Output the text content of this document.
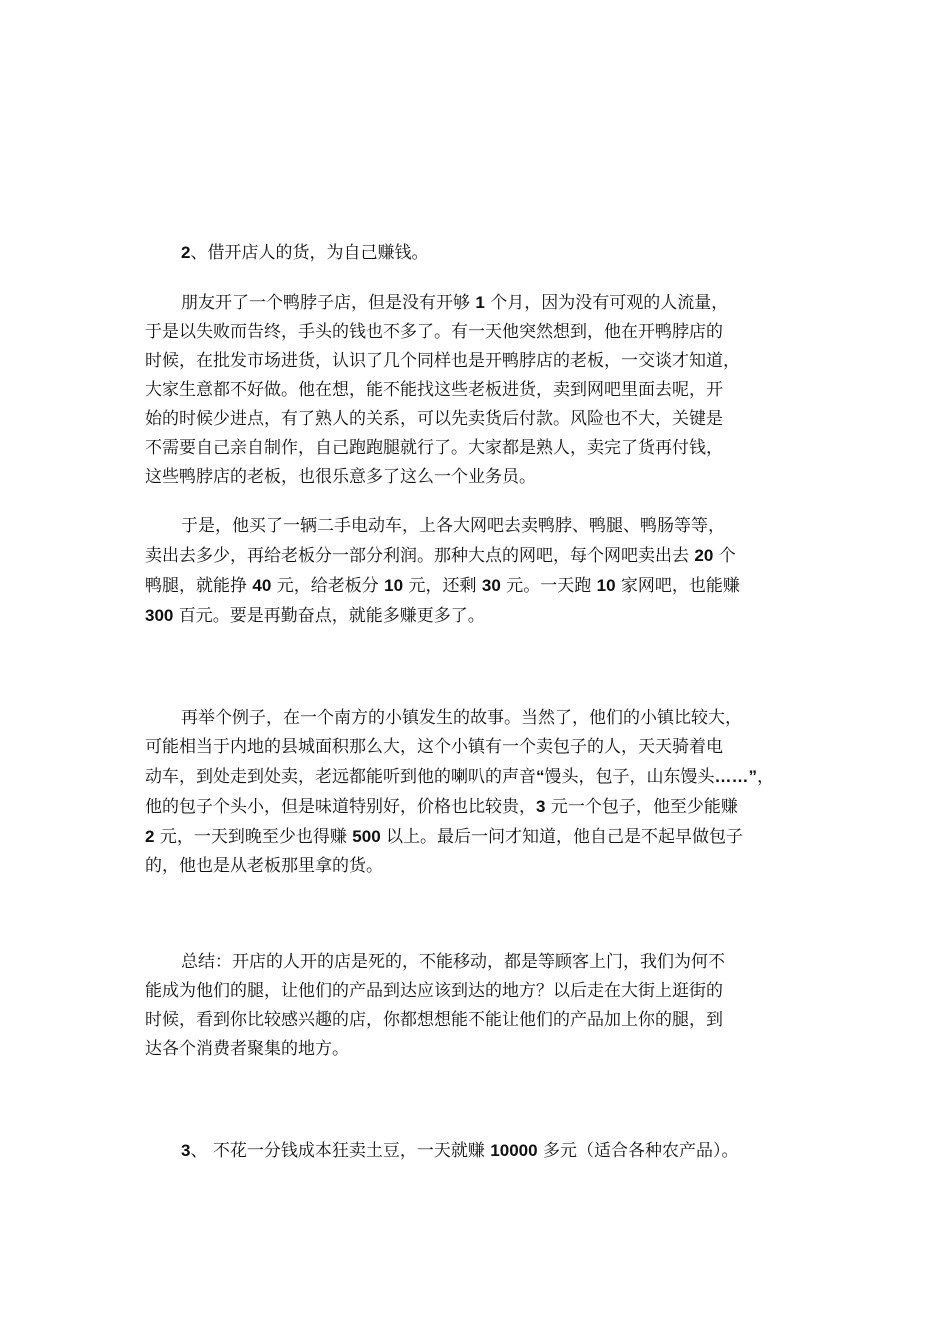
2、借开店人的货，为自己赚钱。
朋友开了一个鸭脖子店，但是没有开够 1 个月，因为没有可观的人流量，
于是以失败而告终，手头的钱也不多了。有一天他突然想到，他在开鸭脖店的
时候，在批发市场进货，认识了几个同样也是开鸭脖店的老板，一交谈才知道，
大家生意都不好做。他在想，能不能找这些老板进货，卖到网吧里面去呢，开
始的时候少进点，有了熟人的关系，可以先卖货后付款。风险也不大，关键是
不需要自己亲自制作，自己跑跑腿就行了。大家都是熟人，卖完了货再付钱，
这些鸭脖店的老板，也很乐意多了这么一个业务员。
于是，他买了一辆二手电动车，上各大网吧去卖鸭脖、鸭腿、鸭肠等等，
卖出去多少，再给老板分一部分利润。那种大点的网吧，每个网吧卖出去 20 个
鸭腿，就能挣 40 元，给老板分 10 元，还剩 30 元。一天跑 10 家网吧，也能赚
300 百元。要是再勤奋点，就能多赚更多了。
再举个例子，在一个南方的小镇发生的故事。当然了，他们的小镇比较大，
可能相当于内地的县城面积那么大，这个小镇有一个卖包子的人，天天骑着电
动车，到处走到处卖，老远都能听到他的喇叭的声音“馒头，包子，山东馒头……”，
他的包子个头小，但是味道特别好，价格也比较贵，3 元一个包子，他至少能赚
2 元，一天到晚至少也得赚 500 以上。最后一问才知道，他自己是不起早做包子
的，他也是从老板那里拿的货。
总结：开店的人开的店是死的，不能移动，都是等顾客上门，我们为何不
能成为他们的腿，让他们的产品到达应该到达的地方？以后走在大街上逛街的
时候，看到你比较感兴趣的店，你都想想能不能让他们的产品加上你的腿，到
达各个消费者聚集的地方。
3、 不花一分钱成本狂卖土豆，一天就赚 10000 多元（适合各种农产品）。
